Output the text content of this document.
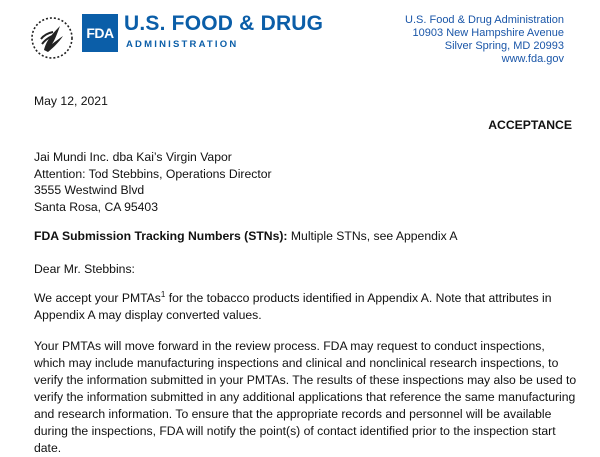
FDA U.S. FOOD & DRUG
ADMINISTRATION
U.S. Food & Drug Administration
10903 New Hampshire Avenue
Silver Spring, MD 20993
www.fda.gov
May 12, 2021
ACCEPTANCE
Jai Mundi Inc. dba Kai’s Virgin Vapor
Attention: Tod Stebbins, Operations Director
3555 Westwind Blvd
Santa Rosa, CA 95403
FDA Submission Tracking Numbers (STNs): Multiple STNs, see Appendix A
Dear Mr. Stebbins:
We accept your PMTAs$^1$ for the tobacco products identified in Appendix A. Note that attributes in Appendix A may display converted values.
Your PMTAs will move forward in the review process. FDA may request to conduct inspections, which may include manufacturing inspections and clinical and nonclinical research inspections, to verify the information submitted in your PMTAs. The results of these inspections may also be used to verify the information submitted in any additional applications that reference the same manufacturing and research information. To ensure that the appropriate records and personnel will be available during the inspections, FDA will notify the point(s) of contact identified prior to the inspection start date.
